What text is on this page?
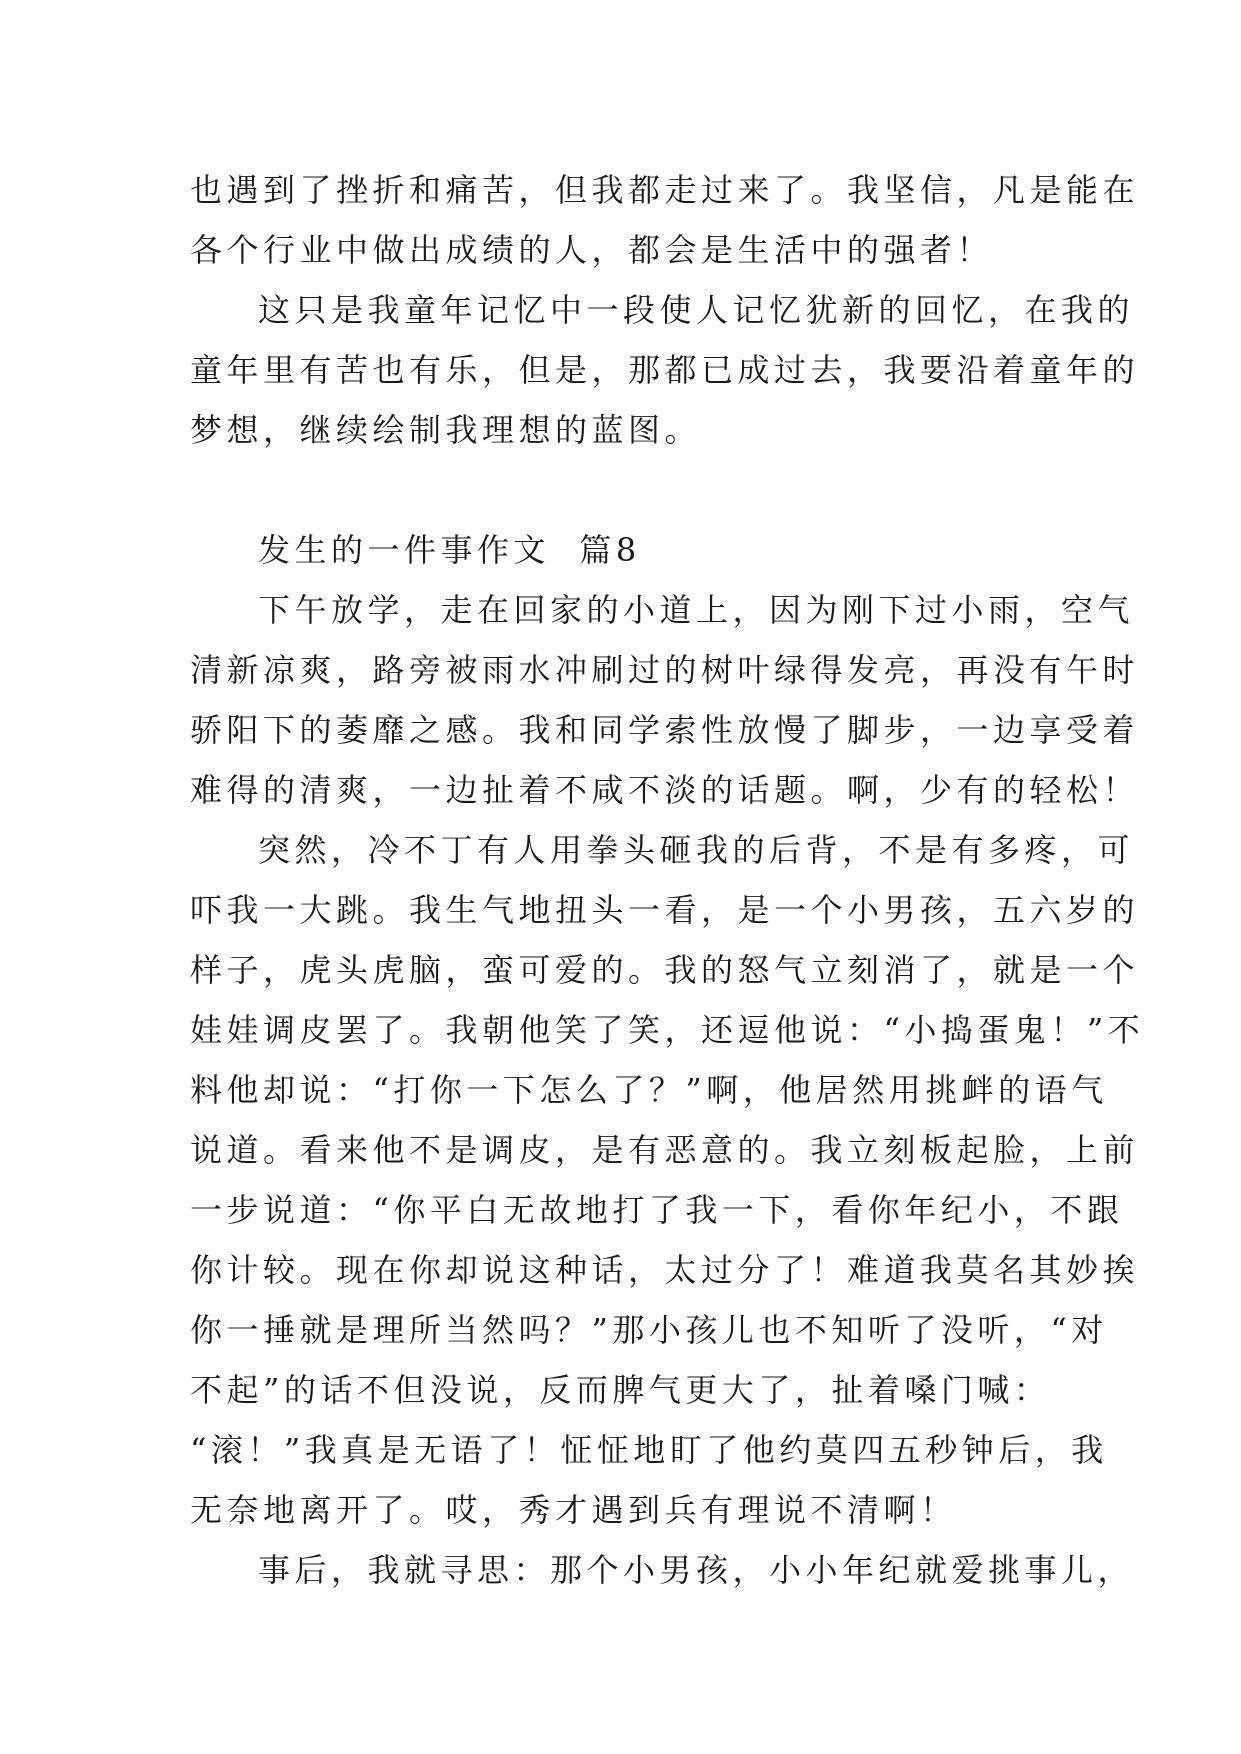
也遇到了挫折和痛苦，但我都走过来了。我坚信，凡是能在
各个行业中做出成绩的人，都会是生活中的强者！
这只是我童年记忆中一段使人记忆犹新的回忆，在我的
童年里有苦也有乐，但是，那都已成过去，我要沿着童年的
梦想，继续绘制我理想的蓝图。
发生的一件事作文  篇8
下午放学，走在回家的小道上，因为刚下过小雨，空气
清新凉爽，路旁被雨水冲刷过的树叶绿得发亮，再没有午时
骄阳下的萎靡之感。我和同学索性放慢了脚步，一边享受着
难得的清爽，一边扯着不咸不淡的话题。啊，少有的轻松！
突然，冷不丁有人用拳头砸我的后背，不是有多疼，可
吓我一大跳。我生气地扭头一看，是一个小男孩，五六岁的
样子，虎头虎脑，蛮可爱的。我的怒气立刻消了，就是一个
娃娃调皮罢了。我朝他笑了笑，还逗他说：“小捣蛋鬼！”不
料他却说：“打你一下怎么了？”啊，他居然用挑衅的语气
说道。看来他不是调皮，是有恶意的。我立刻板起脸，上前
一步说道：“你平白无故地打了我一下，看你年纪小，不跟
你计较。现在你却说这种话，太过分了！难道我莫名其妙挨
你一捶就是理所当然吗？”那小孩儿也不知听了没听，“对
不起”的话不但没说，反而脾气更大了，扯着嗓门喊：
“滚！”我真是无语了！怔怔地盯了他约莫四五秒钟后，我
无奈地离开了。哎，秀才遇到兵有理说不清啊！
事后，我就寻思：那个小男孩，小小年纪就爱挑事儿，
